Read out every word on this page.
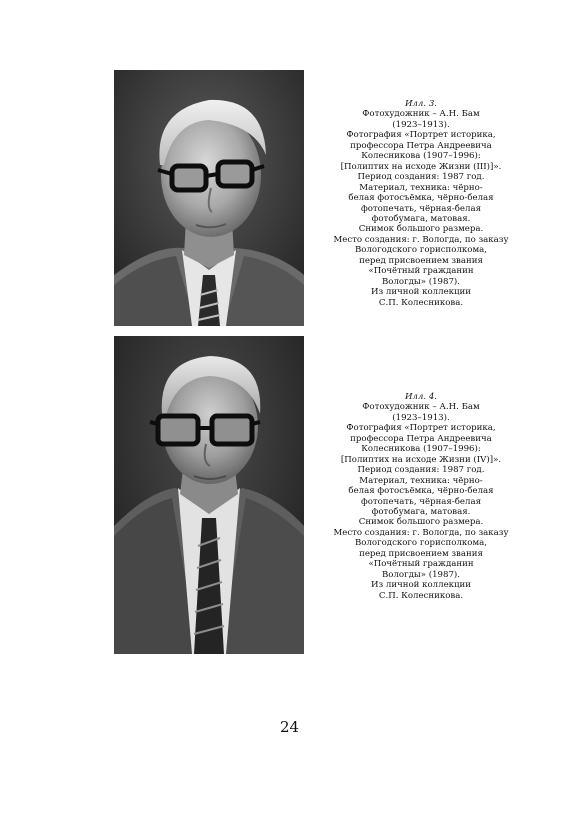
Илл. 3.
Фотохудожник – А.Н. Бам
(1923–1913).
Фотография «Портрет историка,
профессора Петра Андреевича
Колесникова (1907–1996):
[Полиптих на исходе Жизни (III)]».
Период создания: 1987 год.
Материал, техника: чёрно-
белая фотосъёмка, чёрно-белая
фотопечать, чёрная-белая
фотобумага, матовая.
Снимок большого размера.
Место создания: г. Вологда, по заказу
Вологодского горисполкома,
перед присвоением звания
«Почётный гражданин
Вологды» (1987).
Из личной коллекции
С.П. Колесникова.
Илл. 4.
Фотохудожник – А.Н. Бам
(1923–1913).
Фотография «Портрет историка,
профессора Петра Андреевича
Колесникова (1907–1996):
[Полиптих на исходе Жизни (IV)]».
Период создания: 1987 год.
Материал, техника: чёрно-
белая фотосъёмка, чёрно-белая
фотопечать, чёрная-белая
фотобумага, матовая.
Снимок большого размера.
Место создания: г. Вологда, по заказу
Вологодского горисполкома,
перед присвоением звания
«Почётный гражданин
Вологды» (1987).
Из личной коллекции
С.П. Колесникова.
24
